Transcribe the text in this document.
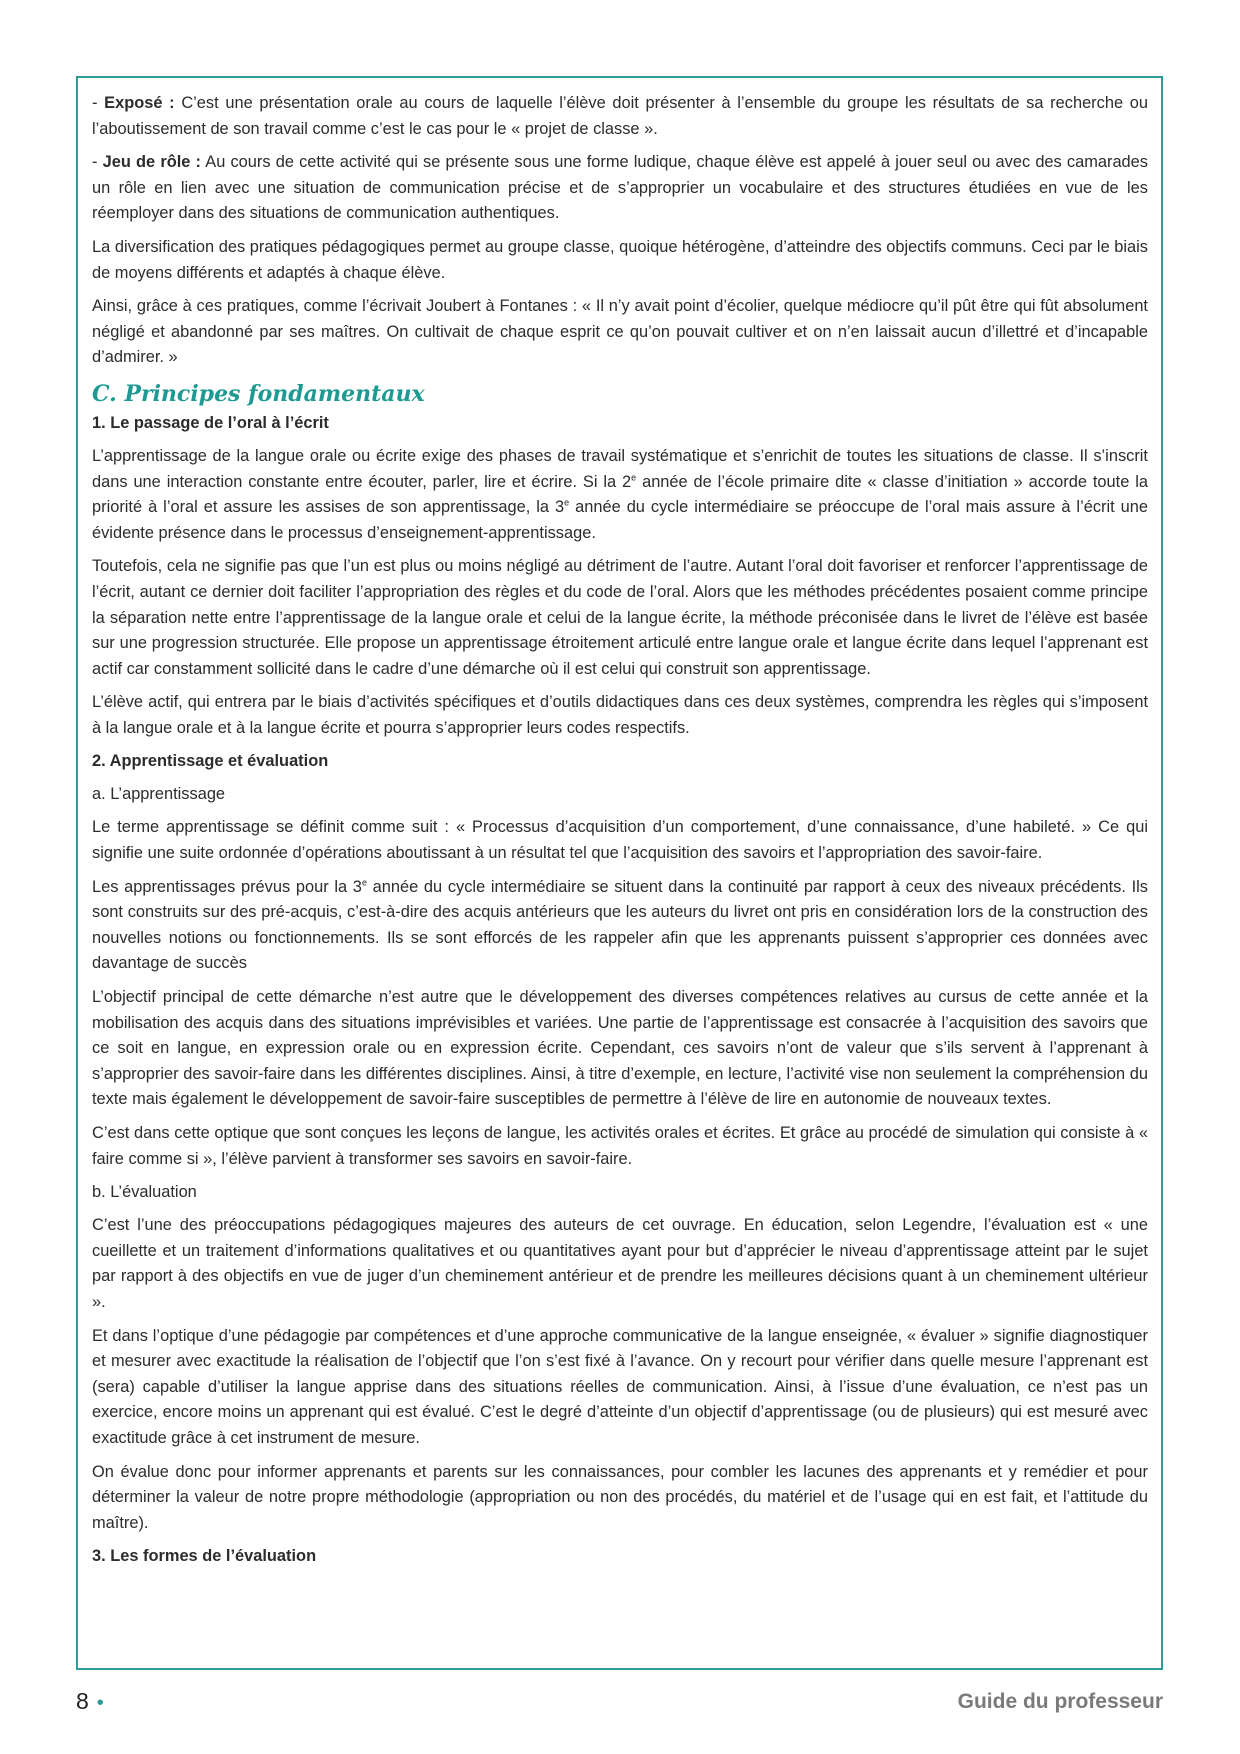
- Exposé : C’est une présentation orale au cours de laquelle l’élève doit présenter à l’ensemble du groupe les résultats de sa recherche ou l’aboutissement de son travail comme c’est le cas pour le « projet de classe ».

- Jeu de rôle : Au cours de cette activité qui se présente sous une forme ludique, chaque élève est appelé à jouer seul ou avec des camarades un rôle en lien avec une situation de communication précise et de s’approprier un vocabulaire et des structures étudiées en vue de les réemployer dans des situations de communication authentiques.

La diversification des pratiques pédagogiques permet au groupe classe, quoique hétérogène, d’atteindre des objectifs communs. Ceci par le biais de moyens différents et adaptés à chaque élève.

Ainsi, grâce à ces pratiques, comme l’écrivait Joubert à Fontanes : « Il n’y avait point d’écolier, quelque médiocre qu’il pût être qui fût absolument négligé et abandonné par ses maîtres. On cultivait de chaque esprit ce qu’on pouvait cultiver et on n’en laissait aucun d’illettré et d’incapable d’admirer. »

C. Principes fondamentaux
1. Le passage de l’oral à l’écrit

L’apprentissage de la langue orale ou écrite exige des phases de travail systématique et s’enrichit de toutes les situations de classe. Il s’inscrit dans une interaction constante entre écouter, parler, lire et écrire. Si la 2e année de l’école primaire dite « classe d’initiation » accorde toute la priorité à l’oral et assure les assises de son apprentissage, la 3e année du cycle intermédiaire se préoccupe de l’oral mais assure à l’écrit une évidente présence dans le processus d’enseignement-apprentissage.

Toutefois, cela ne signifie pas que l’un est plus ou moins négligé au détriment de l’autre. Autant l’oral doit favoriser et renforcer l’apprentissage de l’écrit, autant ce dernier doit faciliter l’appropriation des règles et du code de l’oral. Alors que les méthodes précédentes posaient comme principe la séparation nette entre l’apprentissage de la langue orale et celui de la langue écrite, la méthode préconisée dans le livret de l’élève est basée sur une progression structurée. Elle propose un apprentissage étroitement articulé entre langue orale et langue écrite dans lequel l’apprenant est actif car constamment sollicité dans le cadre d’une démarche où il est celui qui construit son apprentissage.

L’élève actif, qui entrera par le biais d’activités spécifiques et d’outils didactiques dans ces deux systèmes, comprendra les règles qui s’imposent à la langue orale et à la langue écrite et pourra s’approprier leurs codes respectifs.

2. Apprentissage et évaluation
a. L’apprentissage

Le terme apprentissage se définit comme suit : « Processus d’acquisition d’un comportement, d’une connaissance, d’une habileté. » Ce qui signifie une suite ordonnée d’opérations aboutissant à un résultat tel que l’acquisition des savoirs et l’appropriation des savoir-faire.

Les apprentissages prévus pour la 3e année du cycle intermédiaire se situent dans la continuité par rapport à ceux des niveaux précédents. Ils sont construits sur des pré-acquis, c’est-à-dire des acquis antérieurs que les auteurs du livret ont pris en considération lors de la construction des nouvelles notions ou fonctionnements. Ils se sont efforcés de les rappeler afin que les apprenants puissent s’approprier ces données avec davantage de succès

L’objectif principal de cette démarche n’est autre que le développement des diverses compétences relatives au cursus de cette année et la mobilisation des acquis dans des situations imprévisibles et variées. Une partie de l’apprentissage est consacrée à l’acquisition des savoirs que ce soit en langue, en expression orale ou en expression écrite. Cependant, ces savoirs n’ont de valeur que s’ils servent à l’apprenant à s’approprier des savoir-faire dans les différentes disciplines. Ainsi, à titre d’exemple, en lecture, l’activité vise non seulement la compréhension du texte mais également le développement de savoir-faire susceptibles de permettre à l’élève de lire en autonomie de nouveaux textes.

C’est dans cette optique que sont conçues les leçons de langue, les activités orales et écrites. Et grâce au procédé de simulation qui consiste à « faire comme si », l’élève parvient à transformer ses savoirs en savoir-faire.

b. L’évaluation

C’est l’une des préoccupations pédagogiques majeures des auteurs de cet ouvrage. En éducation, selon Legendre, l’évaluation est « une cueillette et un traitement d’informations qualitatives et ou quantitatives ayant pour but d’apprécier le niveau d’apprentissage atteint par le sujet par rapport à des objectifs en vue de juger d’un cheminement antérieur et de prendre les meilleures décisions quant à un cheminement ultérieur ».

Et dans l’optique d’une pédagogie par compétences et d’une approche communicative de la langue enseignée, « évaluer » signifie diagnostiquer et mesurer avec exactitude la réalisation de l’objectif que l’on s’est fixé à l’avance. On y recourt pour vérifier dans quelle mesure l’apprenant est (sera) capable d’utiliser la langue apprise dans des situations réelles de communication. Ainsi, à l’issue d’une évaluation, ce n’est pas un exercice, encore moins un apprenant qui est évalué. C’est le degré d’atteinte d’un objectif d’apprentissage (ou de plusieurs) qui est mesuré avec exactitude grâce à cet instrument de mesure.

On évalue donc pour informer apprenants et parents sur les connaissances, pour combler les lacunes des apprenants et y remédier et pour déterminer la valeur de notre propre méthodologie (appropriation ou non des procédés, du matériel et de l’usage qui en est fait, et l’attitude du maître).

3. Les formes de l’évaluation
8 •	Guide du professeur
